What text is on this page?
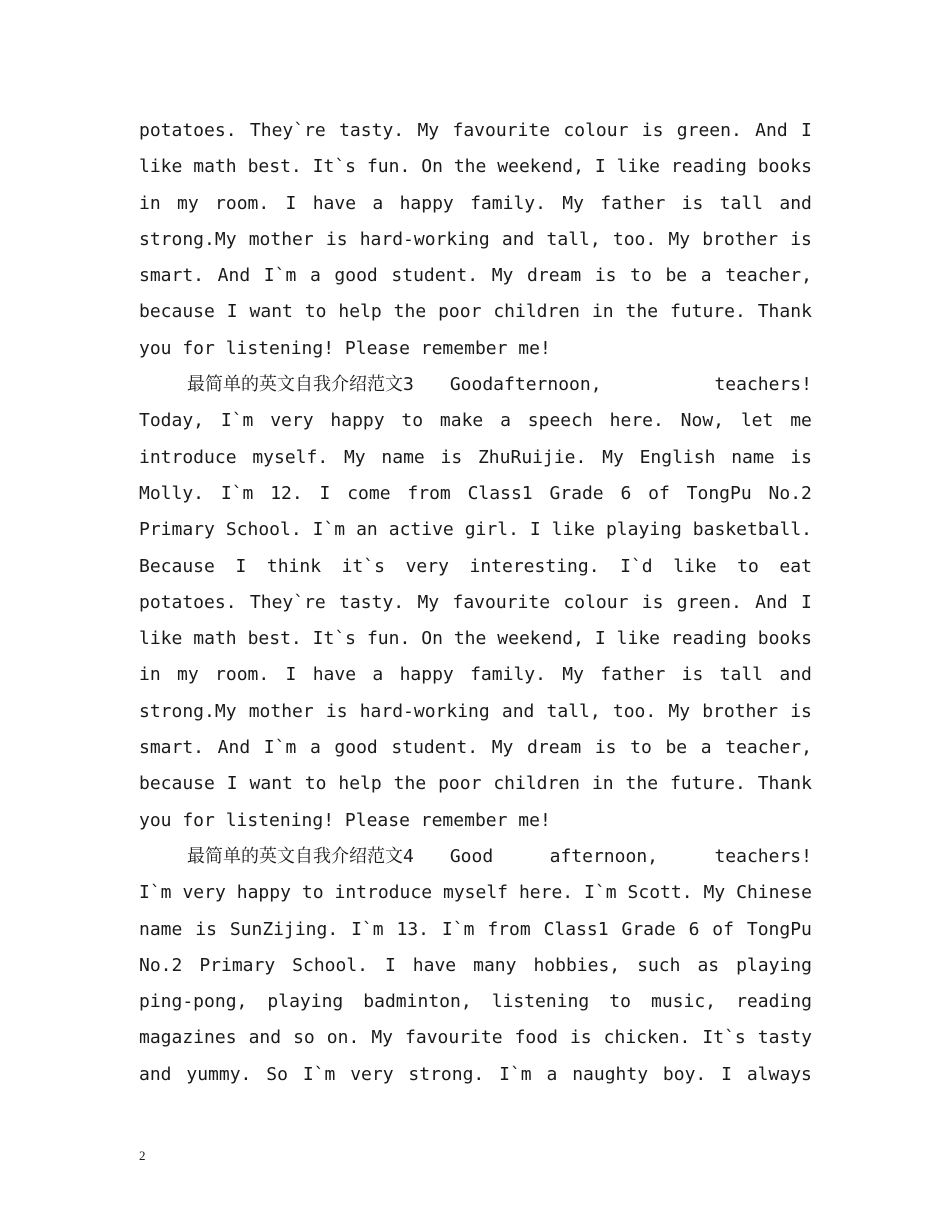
potatoes. They`re tasty. My favourite colour is green. And I
like math best. It`s fun. On the weekend, I like reading books
in my room. I have a happy family. My father is tall and
strong.My mother is hard-working and tall, too. My brother is
smart. And I`m a good student. My dream is to be a teacher,
because I want to help the poor children in the future. Thank
you for listening! Please remember me!
最简单的英文自我介绍范文3　　Goodafternoon,	teachers!
Today, I`m very happy to make a speech here. Now, let me
introduce myself. My name is ZhuRuijie. My English name is
Molly. I`m 12. I come from Class1 Grade 6 of TongPu No.2
Primary School. I`m an active girl. I like playing basketball.
Because I think it`s very interesting. I`d like to eat
potatoes. They`re tasty. My favourite colour is green. And I
like math best. It`s fun. On the weekend, I like reading books
in my room. I have a happy family. My father is tall and
strong.My mother is hard-working and tall, too. My brother is
smart. And I`m a good student. My dream is to be a teacher,
because I want to help the poor children in the future. Thank
you for listening! Please remember me!
最简单的英文自我介绍范文4　　Good	afternoon,	teachers!
I`m very happy to introduce myself here. I`m Scott. My Chinese
name is SunZijing. I`m 13. I`m from Class1 Grade 6 of TongPu
No.2 Primary School. I have many hobbies, such as playing
ping-pong, playing badminton, listening to music, reading
magazines and so on. My favourite food is chicken. It`s tasty
and yummy. So I`m very strong. I`m a naughty boy. I always
2
